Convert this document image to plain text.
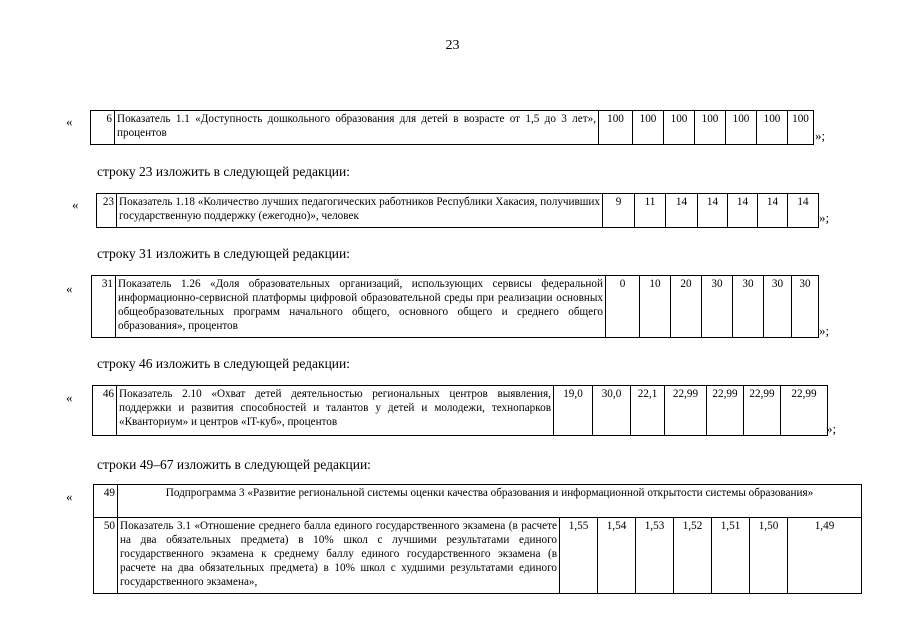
23
«	6	Показатель 1.1 «Доступность дошкольного образования для детей в возрасте от 1,5 до 3 лет», процентов	100	100	100	100	100	100	100
»;
строку 23 изложить в следующей редакции:
« 23	Показатель 1.18 «Количество лучших педагогических работников Республики Хакасия, получивших государственную поддержку (ежегодно)», человек	9	11	14	14	14	14	14
»;
строку 31 изложить в следующей редакции:
«	31	Показатель 1.26 «Доля образовательных организаций, использующих сервисы федеральной информационно-сервисной платформы цифровой образовательной среды при реализации основных общеобразовательных программ начального общего, основного общего и среднего общего образования», процентов	0	10	20	30	30	30	30
»;
строку 46 изложить в следующей редакции:
«	46	Показатель 2.10 «Охват детей деятельностью региональных центров выявления, поддержки и развития способностей и талантов у детей и молодежи, технопарков «Кванториум» и центров «IT-куб», процентов	19,0	30,0	22,1	22,99	22,99	22,99	22,99
»;
строки 49–67 изложить в следующей редакции:
«	49	Подпрограмма 3 «Развитие региональной системы оценки качества образования и информационной открытости системы образования»							
50	Показатель 3.1 «Отношение среднего балла единого государственного экзамена (в расчете на два обязательных предмета) в 10% школ с лучшими результатами единого государственного экзамена к среднему баллу единого государственного экзамена (в расчете на два обязательных предмета) в 10% школ с худшими результатами единого государственного экзамена»,	1,55	1,54	1,53	1,52	1,51	1,50	1,49
